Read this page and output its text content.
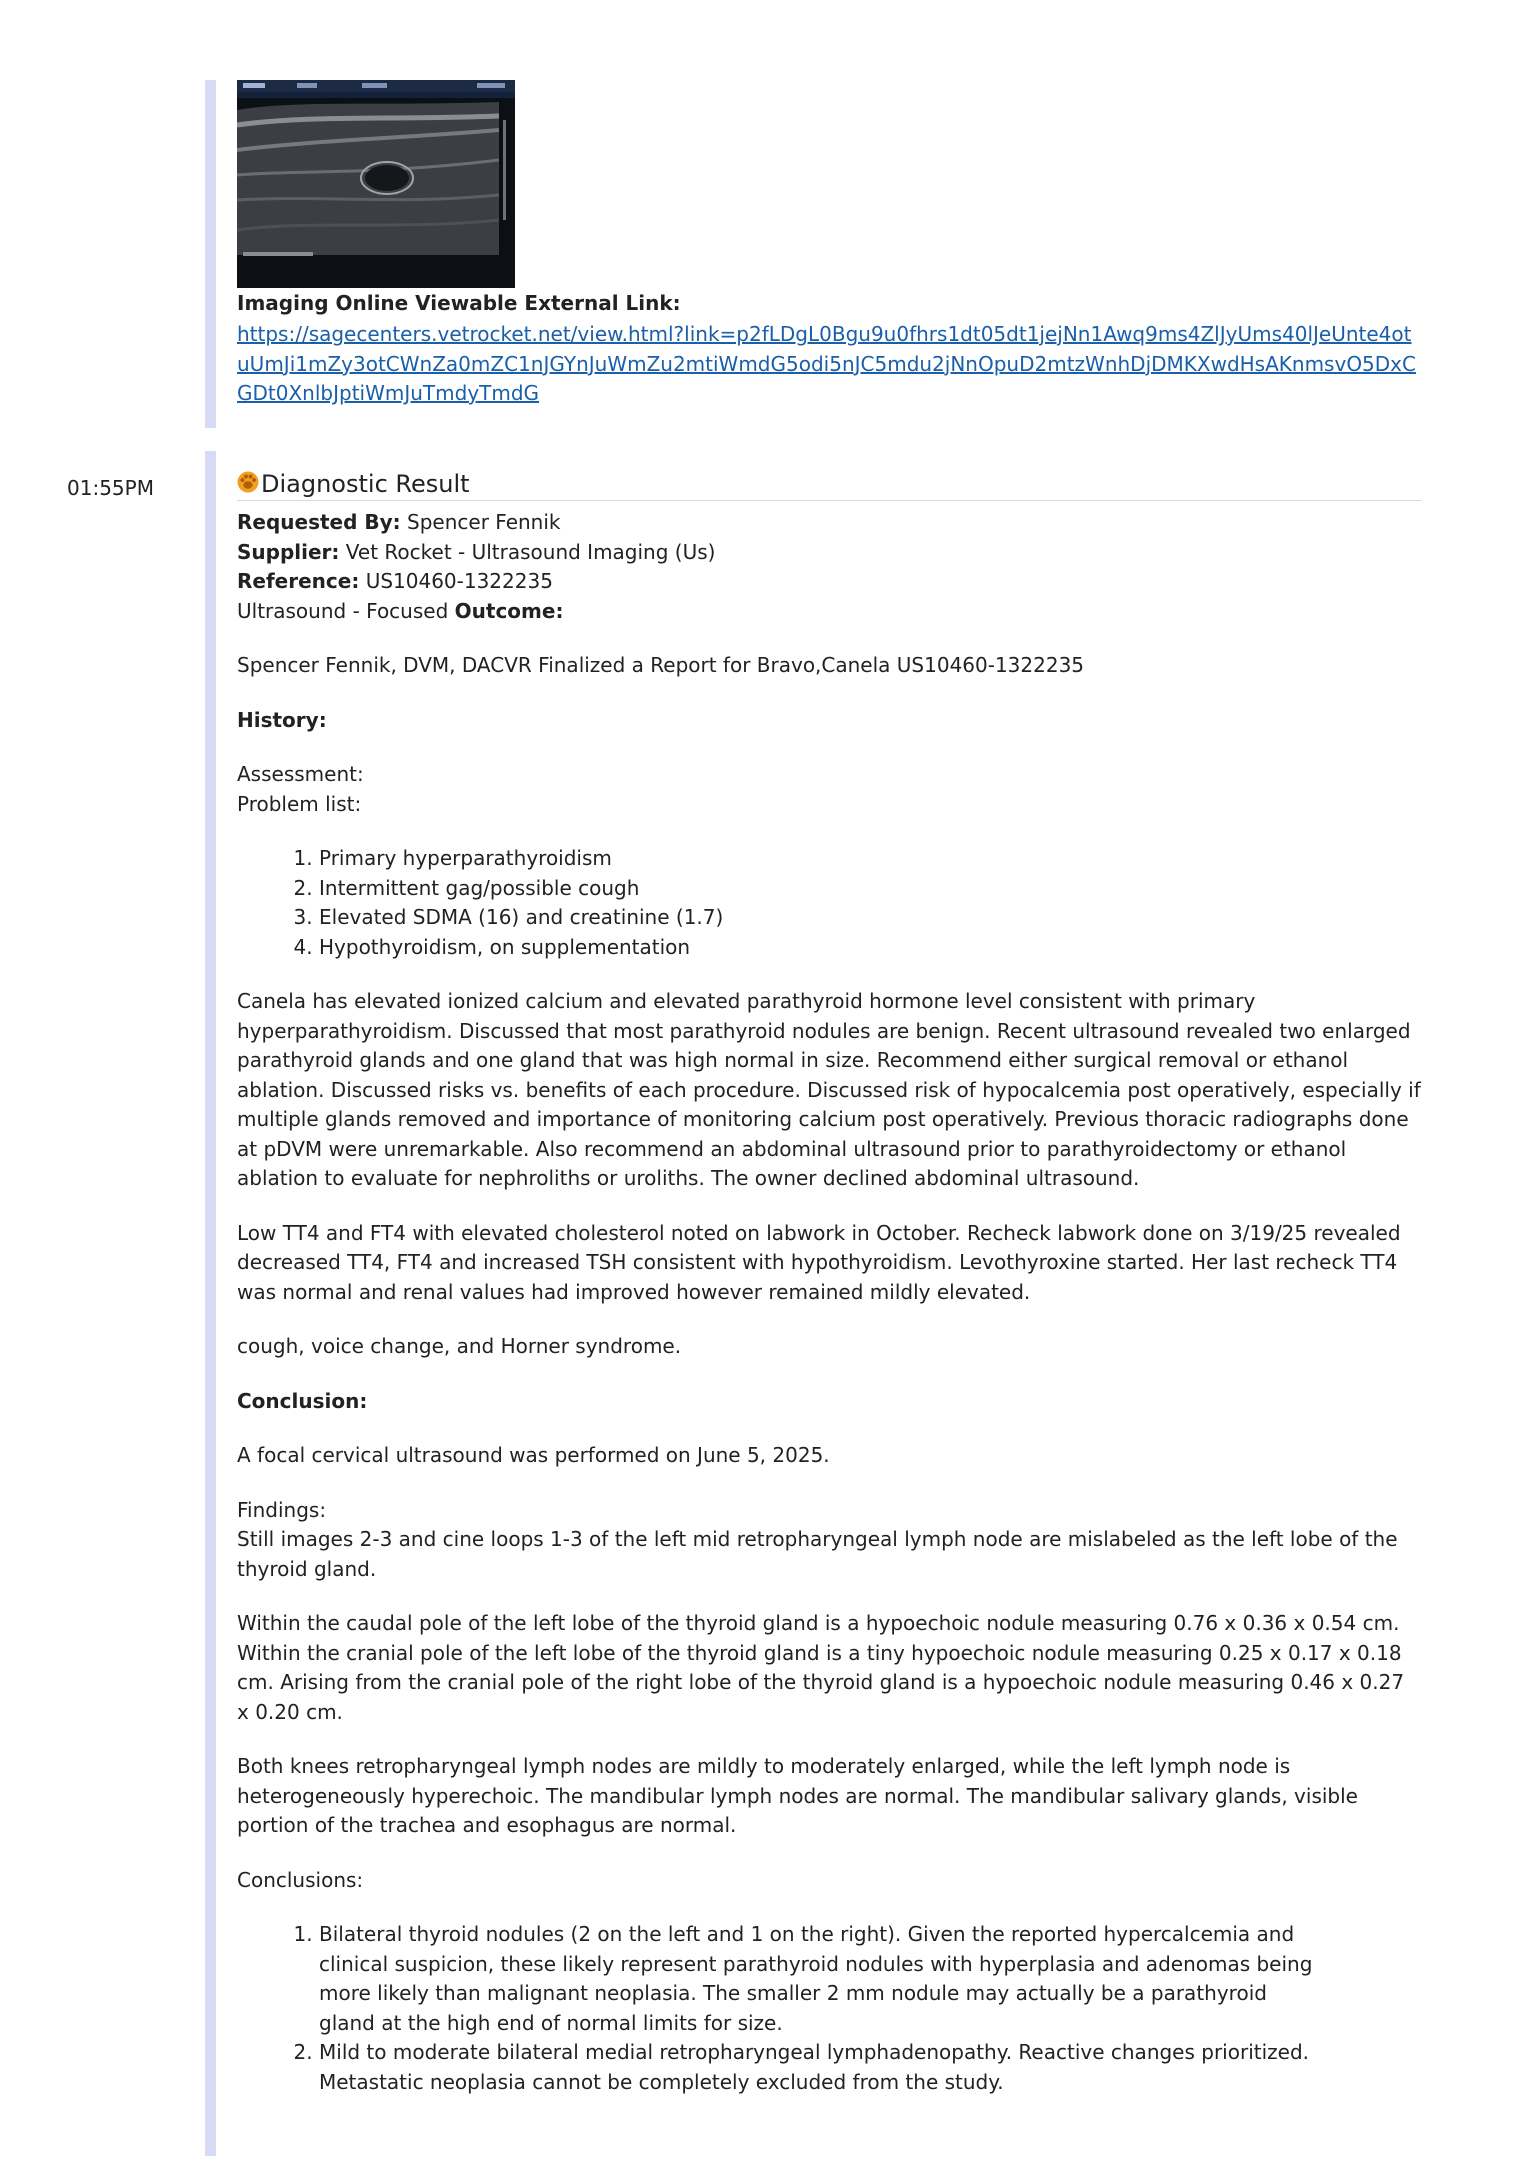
Imaging Online Viewable External Link:
https://sagecenters.vetrocket.net/view.html?link=p2fLDgL0Bgu9u0fhrs1dt05dt1jejNn1Awq9ms4ZlJyUms40lJeUnte4otuUmJi1mZy3otCWnZa0mZC1nJGYnJuWmZu2mtiWmdG5odi5nJC5mdu2jNnOpuD2mtzWnhDjDMKXwdHsAKnmsvO5DxCGDt0XnlbJptiWmJuTmdyTmdG
01:55PM	Diagnostic Result

Requested By: Spencer Fennik

Supplier: Vet Rocket - Ultrasound Imaging (Us)

Reference: US10460-1322235

Ultrasound - Focused Outcome:

Spencer Fennik, DVM, DACVR Finalized a Report for Bravo,Canela US10460-1322235

History:

Assessment:

Problem list:

1. Primary hyperparathyroidism
2. Intermittent gag/possible cough
3. Elevated SDMA (16) and creatinine (1.7)
4. Hypothyroidism, on supplementation

Canela has elevated ionized calcium and elevated parathyroid hormone level consistent with primary hyperparathyroidism. Discussed that most parathyroid nodules are benign. Recent ultrasound revealed two enlarged parathyroid glands and one gland that was high normal in size. Recommend either surgical removal or ethanol ablation. Discussed risks vs. benefits of each procedure. Discussed risk of hypocalcemia post operatively, especially if multiple glands removed and importance of monitoring calcium post operatively. Previous thoracic radiographs done at pDVM were unremarkable. Also recommend an abdominal ultrasound prior to parathyroidectomy or ethanol ablation to evaluate for nephroliths or uroliths. The owner declined abdominal ultrasound.

Low TT4 and FT4 with elevated cholesterol noted on labwork in October. Recheck labwork done on 3/19/25 revealed decreased TT4, FT4 and increased TSH consistent with hypothyroidism. Levothyroxine started. Her last recheck TT4 was normal and renal values had improved however remained mildly elevated.

cough, voice change, and Horner syndrome.

Conclusion:

A focal cervical ultrasound was performed on June 5, 2025.

Findings:

Still images 2-3 and cine loops 1-3 of the left mid retropharyngeal lymph node are mislabeled as the left lobe of the thyroid gland.

Within the caudal pole of the left lobe of the thyroid gland is a hypoechoic nodule measuring 0.76 x 0.36 x 0.54 cm. Within the cranial pole of the left lobe of the thyroid gland is a tiny hypoechoic nodule measuring 0.25 x 0.17 x 0.18 cm. Arising from the cranial pole of the right lobe of the thyroid gland is a hypoechoic nodule measuring 0.46 x 0.27 x 0.20 cm.

Both knees retropharyngeal lymph nodes are mildly to moderately enlarged, while the left lymph node is heterogeneously hyperechoic. The mandibular lymph nodes are normal. The mandibular salivary glands, visible portion of the trachea and esophagus are normal.

Conclusions:

1. Bilateral thyroid nodules (2 on the left and 1 on the right). Given the reported hypercalcemia and clinical suspicion, these likely represent parathyroid nodules with hyperplasia and adenomas being more likely than malignant neoplasia. The smaller 2 mm nodule may actually be a parathyroid gland at the high end of normal limits for size.
2. Mild to moderate bilateral medial retropharyngeal lymphadenopathy. Reactive changes prioritized. Metastatic neoplasia cannot be completely excluded from the study.
